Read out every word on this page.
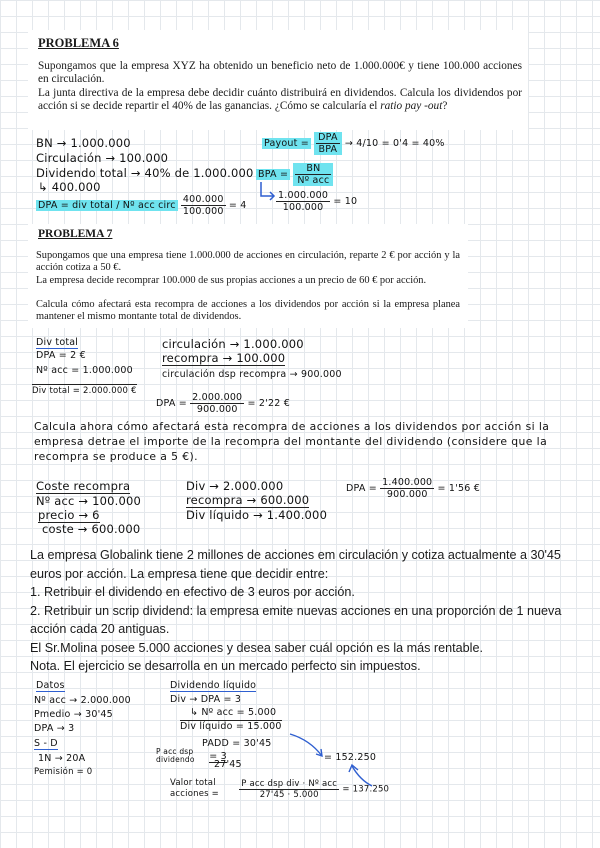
PROBLEMA 6
Supongamos que la empresa XYZ ha obtenido un beneficio neto de 1.000.000€ y tiene 100.000 acciones en circulación.
La junta directiva de la empresa debe decidir cuánto distribuirá en dividendos. Calcula los dividendos por acción si se decide repartir el 40% de las ganancias. ¿Cómo se calcularía el ratio pay -out?
BN → 1.000.000
Circulación → 100.000
Dividendo total → 40% de 1.000.000
↳ 400.000
DPA = div total / Nº acc circ $\frac{400.000}{100.000} = 4$
Payout = $\frac{\text{DPA}}{\text{BPA}} \to 4/10 = 0'4 = 40\%$
BPA = $\frac{BN}{\text{Nº acc}}$
$\frac{1.000.000}{100.000} = 10$
PROBLEMA 7
Supongamos que una empresa tiene 1.000.000 de acciones en circulación, reparte 2 € por acción y la acción cotiza a 50 €.
La empresa decide recomprar 100.000 de sus propias acciones a un precio de 60 € por acción.
Calcula cómo afectará esta recompra de acciones a los dividendos por acción si la empresa planea mantener el mismo montante total de dividendos.
Div total
DPA = 2 €
Nº acc = 1.000.000
Div total = 2.000.000 €
circulación → 1.000.000
recompra → 100.000
circulación dsp recompra → 900.000
DPA = $\frac{2.000.000}{900.000} = 2'22$ €
Calcula ahora cómo afectará esta recompra de acciones a los dividendos por acción si la empresa detrae el importe de la recompra del montante del dividendo (considere que la recompra se produce a 5 €).
Coste recompra
Nº acc → 100.000
precio → 6
coste → 600.000
Div → 2.000.000
recompra → 600.000
Div líquido → 1.400.000
DPA = $\frac{1.400.000}{900.000} = 1'56$ €

La empresa Globalink tiene 2 millones de acciones em circulación y cotiza actualmente a 30'45 euros por acción. La empresa tiene que decidir entre:

1. Retribuir el dividendo en efectivo de 3 euros por acción.

2. Retribuir un scrip dividend: la empresa emite nuevas acciones en una proporción de 1 nueva acción cada 20 antiguas.

El Sr.Molina posee 5.000 acciones y desea saber cuál opción es la más rentable.

Nota. El ejercicio se desarrolla en un mercado perfecto sin impuestos.

Datos
Nº acc → 2.000.000
Pmedio → 30'45
DPA → 3
S - D
1N → 20A
Pemisión = 0
Dividendo líquido
Div → DPA = 3
↳ Nº acc = 5.000
Div líquido = 15.000
PADD = 30'45
P acc dsp dividendo = 3
27'45
= 152.250
Valor total acciones = $\frac{\text{P acc dsp div · Nº acc}}{27'45 \cdot 5.000} = 137.250$
